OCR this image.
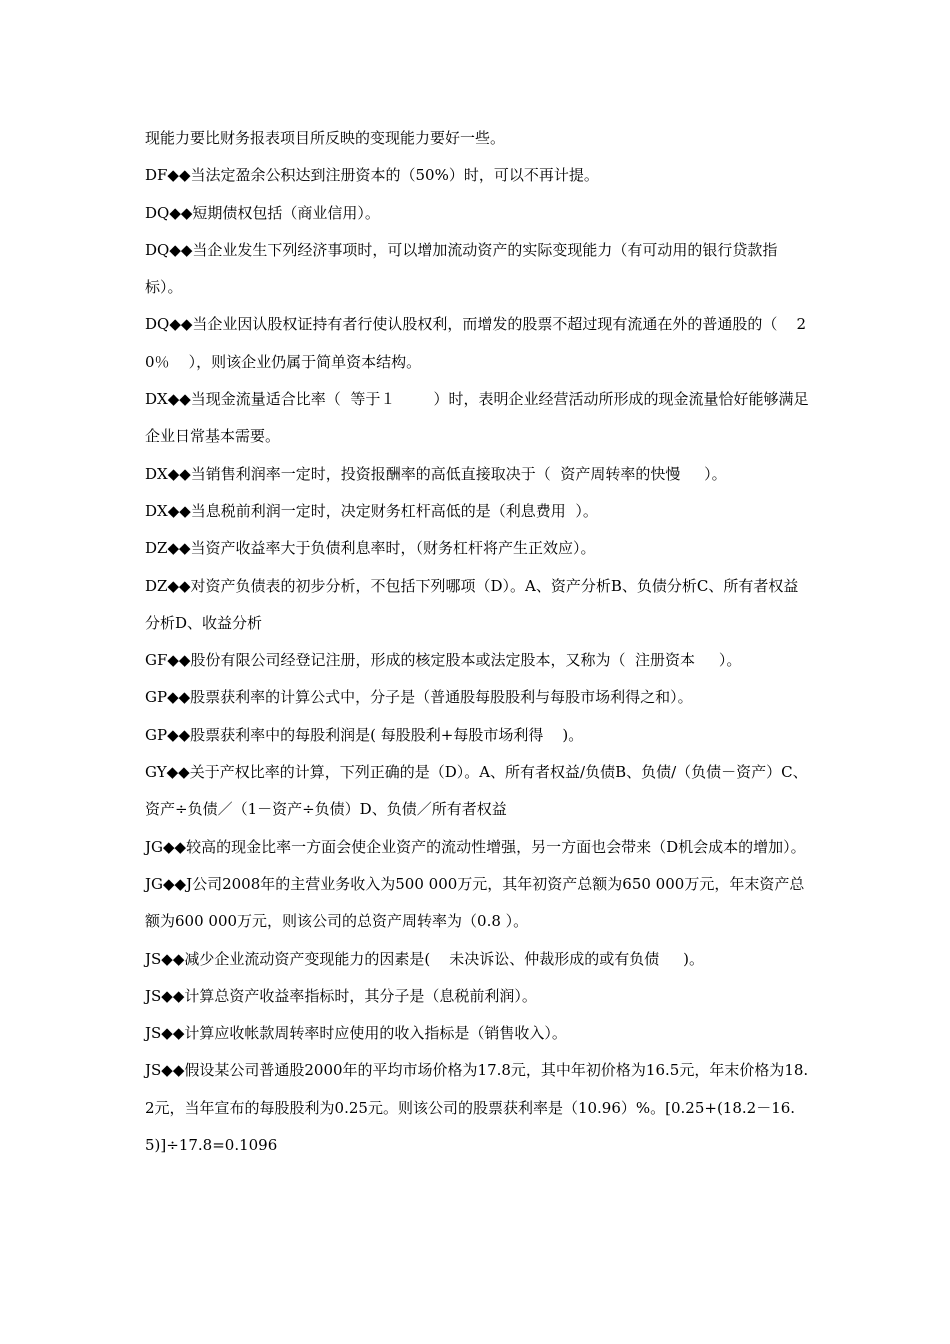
现能力要比财务报表项目所反映的变现能力要好一些。

DF◆◆当法定盈余公积达到注册资本的（50%）时，可以不再计提。

DQ◆◆短期债权包括（商业信用）。

DQ◆◆当企业发生下列经济事项时，可以增加流动资产的实际变现能力（有可动用的银行贷款指标）。

DQ◆◆当企业因认股权证持有者行使认股权利，而增发的股票不超过现有流通在外的普通股的（    20％    ），则该企业仍属于简单资本结构。

DX◆◆当现金流量适合比率（  等于１        ）时，表明企业经营活动所形成的现金流量恰好能够满足企业日常基本需要。

DX◆◆当销售利润率一定时，投资报酬率的高低直接取决于（  资产周转率的快慢     ）。

DX◆◆当息税前利润一定时，决定财务杠杆高低的是（利息费用  ）。

DZ◆◆当资产收益率大于负债利息率时，（财务杠杆将产生正效应）。

DZ◆◆对资产负债表的初步分析，不包括下列哪项（D）。A、资产分析B、负债分析C、所有者权益分析D、收益分析

GF◆◆股份有限公司经登记注册，形成的核定股本或法定股本，又称为（  注册资本     ）。

GP◆◆股票获利率的计算公式中，分子是（普通股每股股利与每股市场利得之和）。

GP◆◆股票获利率中的每股利润是( 每股股利+每股市场利得    )。

GY◆◆关于产权比率的计算，下列正确的是（D）。A、所有者权益/负债B、负债/（负债－资产）C、资产÷负债／（1－资产÷负债）D、负债／所有者权益

JG◆◆较高的现金比率一方面会使企业资产的流动性增强，另一方面也会带来（D机会成本的增加）。

JG◆◆J公司2008年的主营业务收入为500 000万元，其年初资产总额为650 000万元，年末资产总额为600 000万元，则该公司的总资产周转率为（0.8 ）。

JS◆◆减少企业流动资产变现能力的因素是(    未决诉讼、仲裁形成的或有负债     )。

JS◆◆计算总资产收益率指标时，其分子是（息税前利润）。

JS◆◆计算应收帐款周转率时应使用的收入指标是（销售收入）。

JS◆◆假设某公司普通股2000年的平均市场价格为17.8元，其中年初价格为16.5元，年末价格为18.2元，当年宣布的每股股利为0.25元。则该公司的股票获利率是（10.96）%。[0.25+(18.2－16.5)]÷17.8=0.1096
